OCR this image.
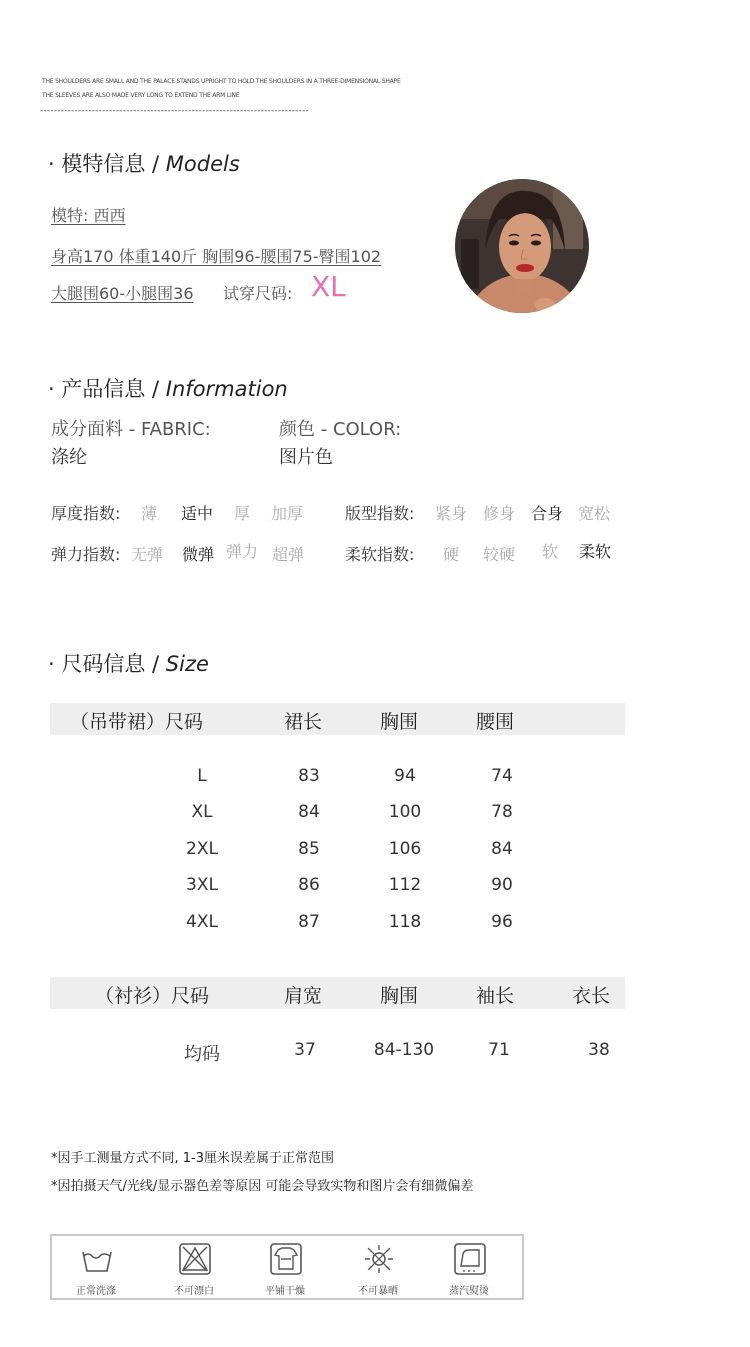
THE SHOULDERS ARE SMALL AND THE PALACE STANDS UPRIGHT TO HOLD THE SHOULDERS IN A THREE-DIMENSIONAL SHAPE
THE SLEEVES ARE ALSO MADE VERY LONG TO EXTEND THE ARM LINE
------------------------------------------------------------------------------
· 模特信息 / Models
模特: 西西
身高170 体重140斤 胸围96-腰围75-臀围102
大腿围60-小腿围36 试穿尺码: XL
· 产品信息 / Information
成分面料 - FABRIC:
涤纶
颜色 - COLOR:
图片色
厚度指数: 薄 适中 厚 加厚	版型指数: 紧身 修身 合身 宽松
弹力指数: 无弹 微弹 弹力 超弹	柔软指数: 硬 较硬 软 柔软
· 尺码信息 / Size
（吊带裙）尺码	裙长	胸围	腰围
L	83	94	74
XL	84	100	78
2XL	85	106	84
3XL	86	112	90
4XL	87	118	96
（衬衫）尺码	肩宽	胸围	袖长	衣长
均码	37	84-130	71	38
*因手工测量方式不同, 1-3厘米误差属于正常范围
*因拍摄天气/光线/显示器色差等原因 可能会导致实物和图片会有细微偏差
正常洗涤	不可漂白	平铺干燥	不可暴晒	蒸汽熨烫
